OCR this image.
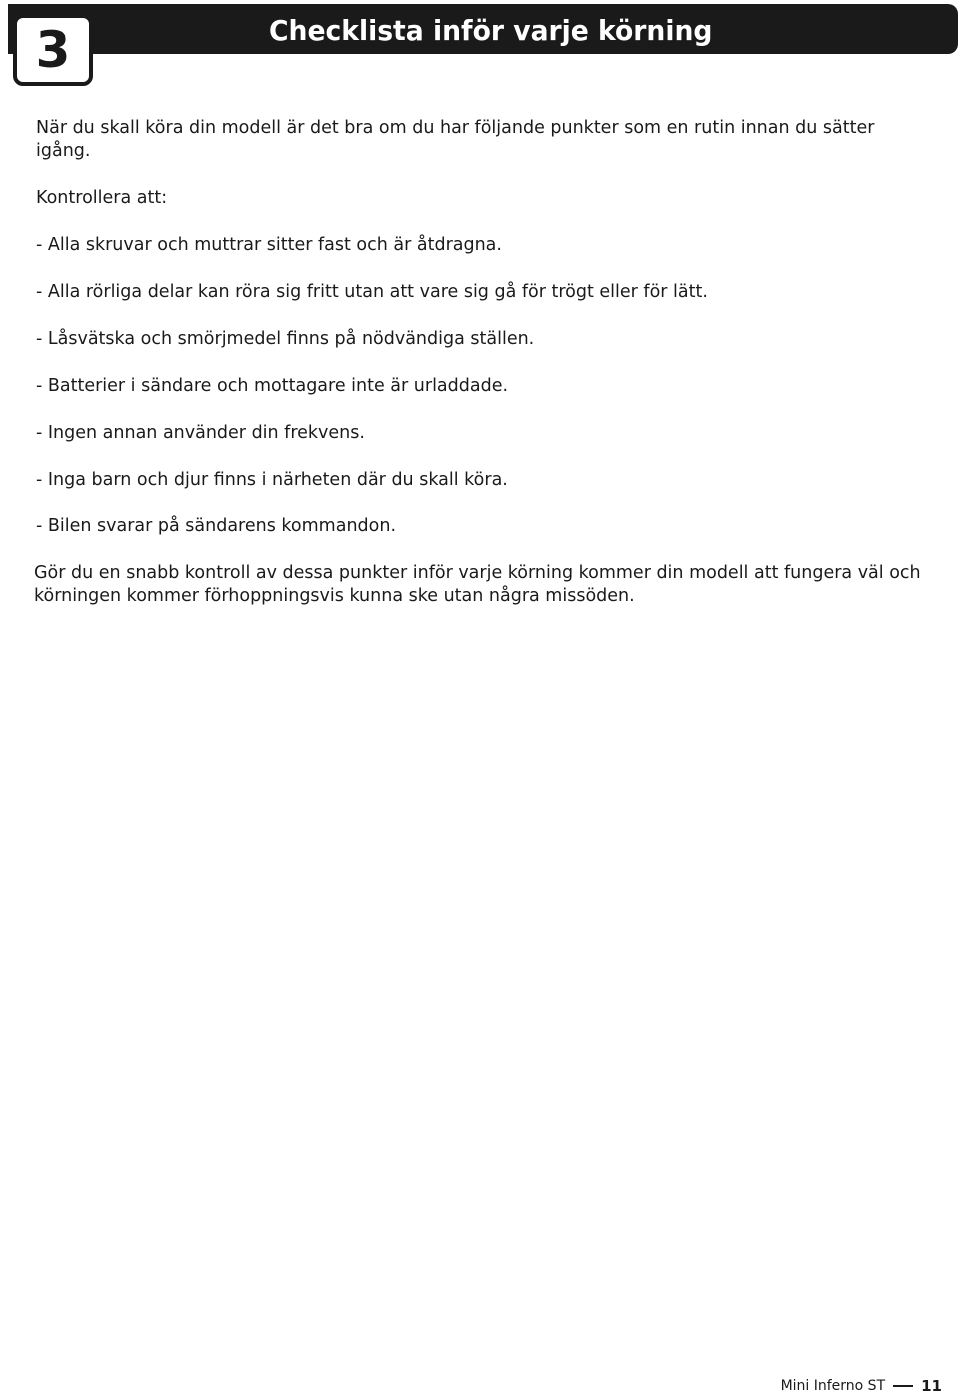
Checklista inför varje körning
3

När du skall köra din modell är det bra om du har följande punkter som en rutin innan du sätter igång.

Kontrollera att:

- Alla skruvar och muttrar sitter fast och är åtdragna.

- Alla rörliga delar kan röra sig fritt utan att vare sig gå för trögt eller för lätt.

- Låsvätska och smörjmedel finns på nödvändiga ställen.

- Batterier i sändare och mottagare inte är urladdade.

- Ingen annan använder din frekvens.

- Inga barn och djur finns i närheten där du skall köra.

- Bilen svarar på sändarens kommandon.

Gör du en snabb kontroll av dessa punkter inför varje körning kommer din modell att fungera väl och körningen kommer förhoppningsvis kunna ske utan några missöden.

Mini Inferno ST 11
